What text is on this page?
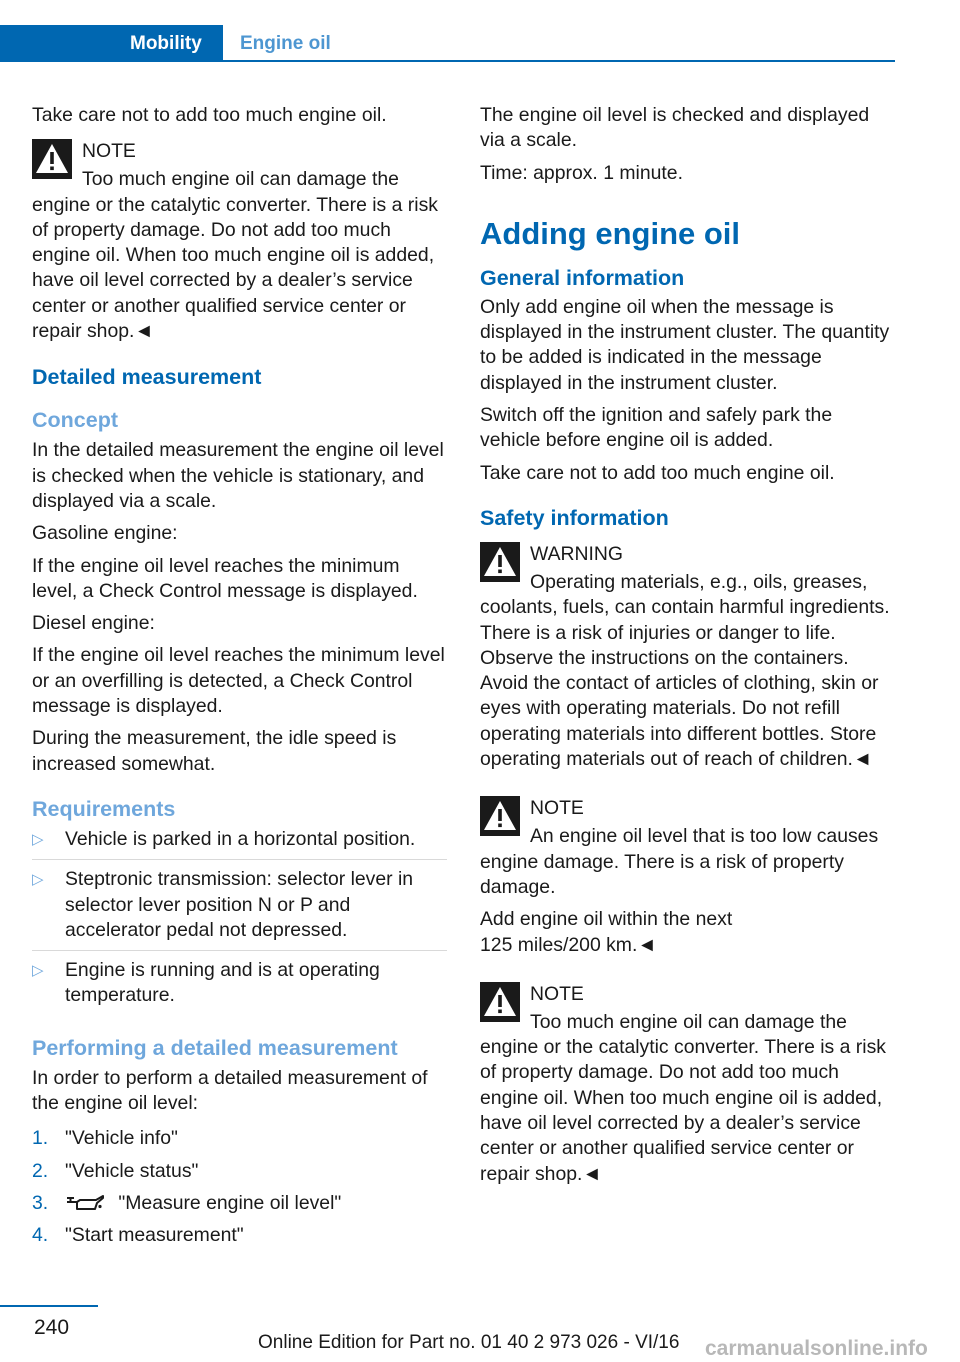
Mobility	Engine oil

Take care not to add too much engine oil.

NOTE
Too much engine oil can damage the engine or the catalytic converter. There is a risk of property damage. Do not add too much engine oil. When too much engine oil is added, have oil level corrected by a dealer’s service center or another qualified service center or repair shop.◄
Detailed measurement
Concept

In the detailed measurement the engine oil level is checked when the vehicle is stationary, and displayed via a scale.

Gasoline engine:

If the engine oil level reaches the minimum level, a Check Control message is displayed.

Diesel engine:

If the engine oil level reaches the minimum level or an overfilling is detected, a Check Control message is displayed.

During the measurement, the idle speed is increased somewhat.

Requirements
▷ Vehicle is parked in a horizontal position.
▷ Steptronic transmission: selector lever in selector lever position N or P and accelerator pedal not depressed.
▷ Engine is running and is at operating temperature.
Performing a detailed measurement

In order to perform a detailed measurement of the engine oil level:

1. "Vehicle info"
2. "Vehicle status"
3.	"Measure engine oil level"
4. "Start measurement"

The engine oil level is checked and displayed via a scale.

Time: approx. 1 minute.

Adding engine oil
General information

Only add engine oil when the message is displayed in the instrument cluster. The quantity to be added is indicated in the message displayed in the instrument cluster.

Switch off the ignition and safely park the vehicle before engine oil is added.

Take care not to add too much engine oil.

Safety information
WARNING
Operating materials, e.g., oils, greases, coolants, fuels, can contain harmful ingredients. There is a risk of injuries or danger to life. Observe the instructions on the containers. Avoid the contact of articles of clothing, skin or eyes with operating materials. Do not refill operating materials into different bottles. Store operating materials out of reach of children.◄
NOTE
An engine oil level that is too low causes engine damage. There is a risk of property damage.

Add engine oil within the next
125 miles/200 km.◄

NOTE
Too much engine oil can damage the engine or the catalytic converter. There is a risk of property damage. Do not add too much engine oil. When too much engine oil is added, have oil level corrected by a dealer’s service center or another qualified service center or repair shop.◄
240
Online Edition for Part no. 01 40 2 973 026 - VI/16 carmanualsonline.info
